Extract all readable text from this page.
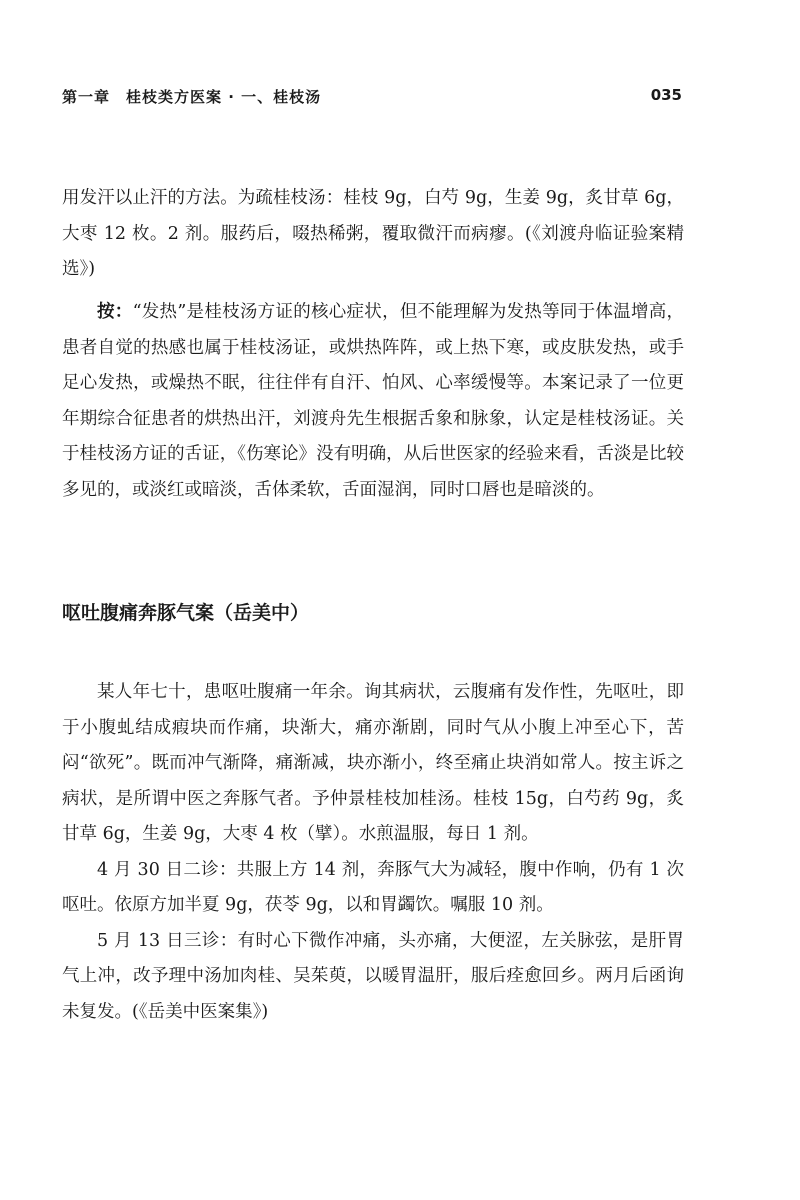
第一章 桂枝类方医案 · 一、桂枝汤	035

用发汗以止汗的方法。为疏桂枝汤：桂枝 9g，白芍 9g，生姜 9g，炙甘草 6g，大枣 12 枚。2 剂。服药后，啜热稀粥，覆取微汗而病瘳。(《刘渡舟临证验案精选》)

按：“发热”是桂枝汤方证的核心症状，但不能理解为发热等同于体温增高，患者自觉的热感也属于桂枝汤证，或烘热阵阵，或上热下寒，或皮肤发热，或手足心发热，或燥热不眠，往往伴有自汗、怕风、心率缓慢等。本案记录了一位更年期综合征患者的烘热出汗，刘渡舟先生根据舌象和脉象，认定是桂枝汤证。关于桂枝汤方证的舌证，《伤寒论》没有明确，从后世医家的经验来看，舌淡是比较多见的，或淡红或暗淡，舌体柔软，舌面湿润，同时口唇也是暗淡的。

呕吐腹痛奔豚气案（岳美中）

某人年七十，患呕吐腹痛一年余。询其病状，云腹痛有发作性，先呕吐，即于小腹虬结成瘕块而作痛，块渐大，痛亦渐剧，同时气从小腹上冲至心下，苦闷“欲死”。既而冲气渐降，痛渐减，块亦渐小，终至痛止块消如常人。按主诉之病状，是所谓中医之奔豚气者。予仲景桂枝加桂汤。桂枝 15g，白芍药 9g，炙甘草 6g，生姜 9g，大枣 4 枚（擘）。水煎温服，每日 1 剂。

4 月 30 日二诊：共服上方 14 剂，奔豚气大为减轻，腹中作响，仍有 1 次呕吐。依原方加半夏 9g，茯苓 9g，以和胃蠲饮。嘱服 10 剂。

5 月 13 日三诊：有时心下微作冲痛，头亦痛，大便涩，左关脉弦，是肝胃气上冲，改予理中汤加肉桂、吴茱萸，以暖胃温肝，服后痊愈回乡。两月后函询未复发。(《岳美中医案集》)
